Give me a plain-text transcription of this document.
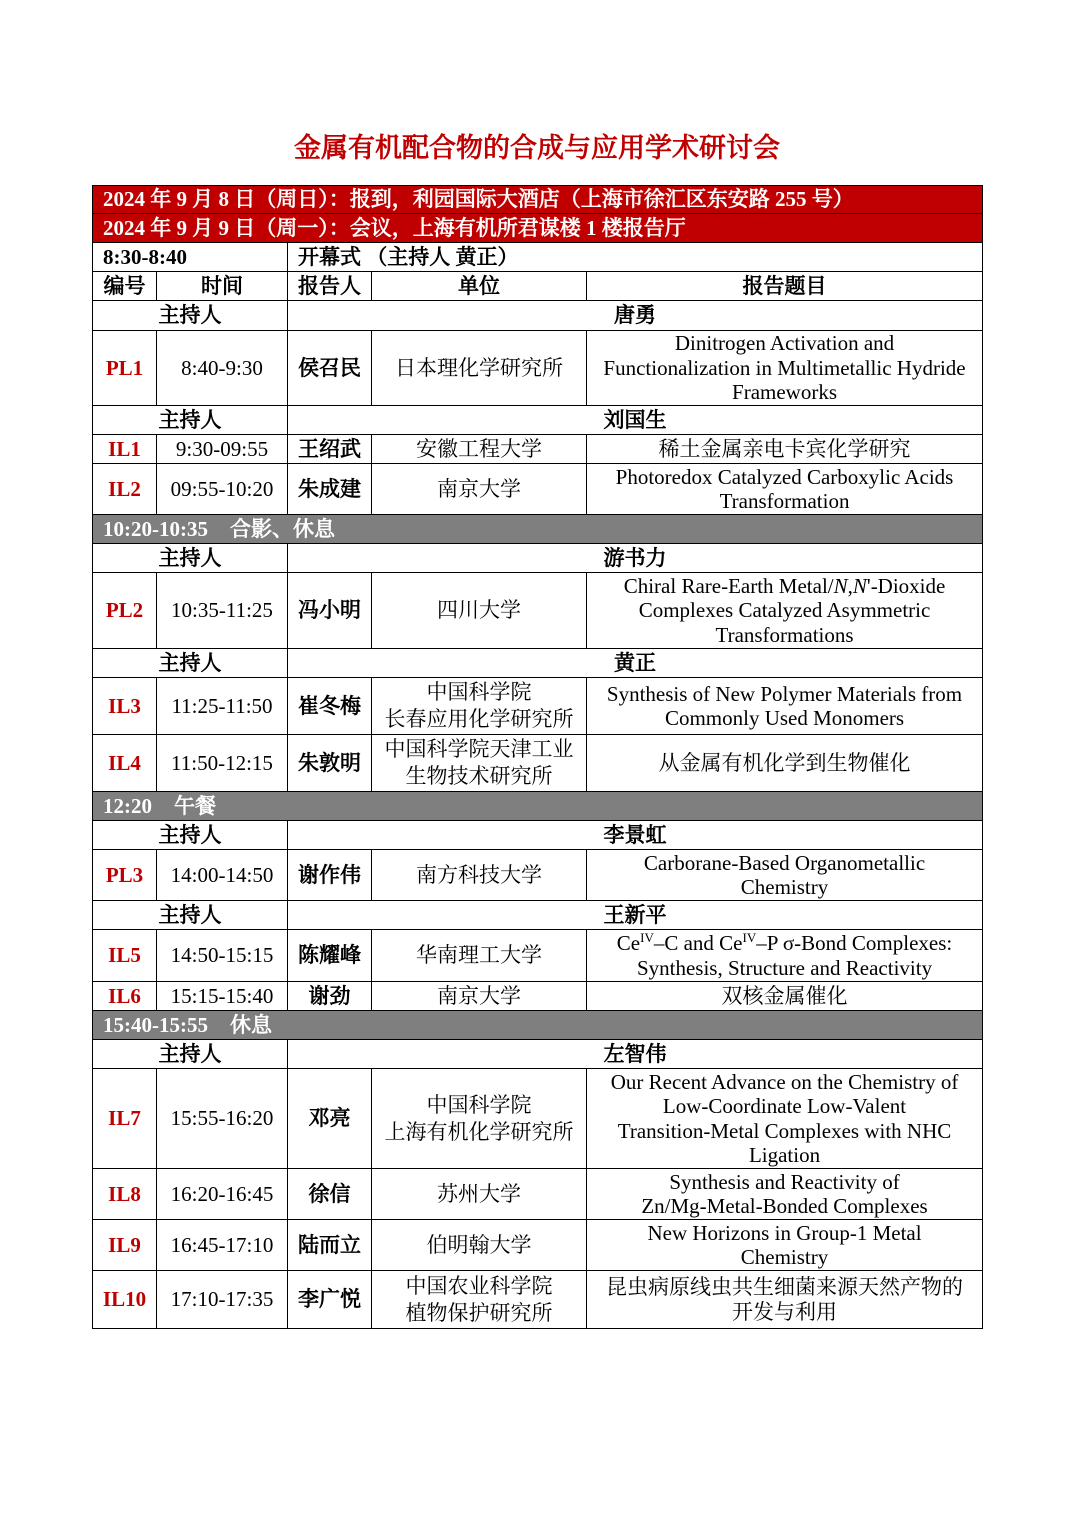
金属有机配合物的合成与应用学术研讨会
2024 年 9 月 8 日（周日）：报到，利园国际大酒店（上海市徐汇区东安路 255 号）				
2024 年 9 月 9 日（周一）：会议，上海有机所君谋楼 1 楼报告厅				
8:30-8:40		开幕式 （主持人 黄正）		
编号	时间	报告人	单位	报告题目
主持人		唐勇		
PL1	8:40-9:30	侯召民	日本理化学研究所	Dinitrogen Activation and
Functionalization in Multimetallic Hydride
Frameworks

主持人		刘国生		
IL1	9:30-09:55	王绍武	安徽工程大学	稀土金属亲电卡宾化学研究

IL2	09:55-10:20	朱成建	南京大学	Photoredox Catalyzed Carboxylic Acids
Transformation

10:20-10:35 合影、休息				
主持人		游书力		
PL2	10:35-11:25	冯小明	四川大学	Chiral Rare-Earth Metal/N,N'-Dioxide
Complexes Catalyzed Asymmetric
Transformations

主持人		黄正		
IL3	11:25-11:50	崔冬梅	中国科学院
长春应用化学研究所	Synthesis of New Polymer Materials from
Commonly Used Monomers

IL4	11:50-12:15	朱敦明	中国科学院天津工业
生物技术研究所	从金属有机化学到生物催化

12:20 午餐				
主持人		李景虹		
PL3	14:00-14:50	谢作伟	南方科技大学	Carborane-Based Organometallic
Chemistry

主持人		王新平		
IL5	14:50-15:15	陈耀峰	华南理工大学	$Ce^{IV}-C$ and $Ce^{IV}-P$ σ-Bond Complexes:
Synthesis, Structure and Reactivity

IL6	15:15-15:40	谢劲	南京大学	双核金属催化

15:40-15:55 休息				
主持人		左智伟		
IL7	15:55-16:20	邓亮	中国科学院
上海有机化学研究所	Our Recent Advance on the Chemistry of
Low-Coordinate Low-Valent
Transition-Metal Complexes with NHC
Ligation

IL8	16:20-16:45	徐信	苏州大学	Synthesis and Reactivity of
Zn/Mg-Metal-Bonded Complexes

IL9	16:45-17:10	陆而立	伯明翰大学	New Horizons in Group-1 Metal
Chemistry

IL10	17:10-17:35	李广悦	中国农业科学院
植物保护研究所	昆虫病原线虫共生细菌来源天然产物的
开发与利用
